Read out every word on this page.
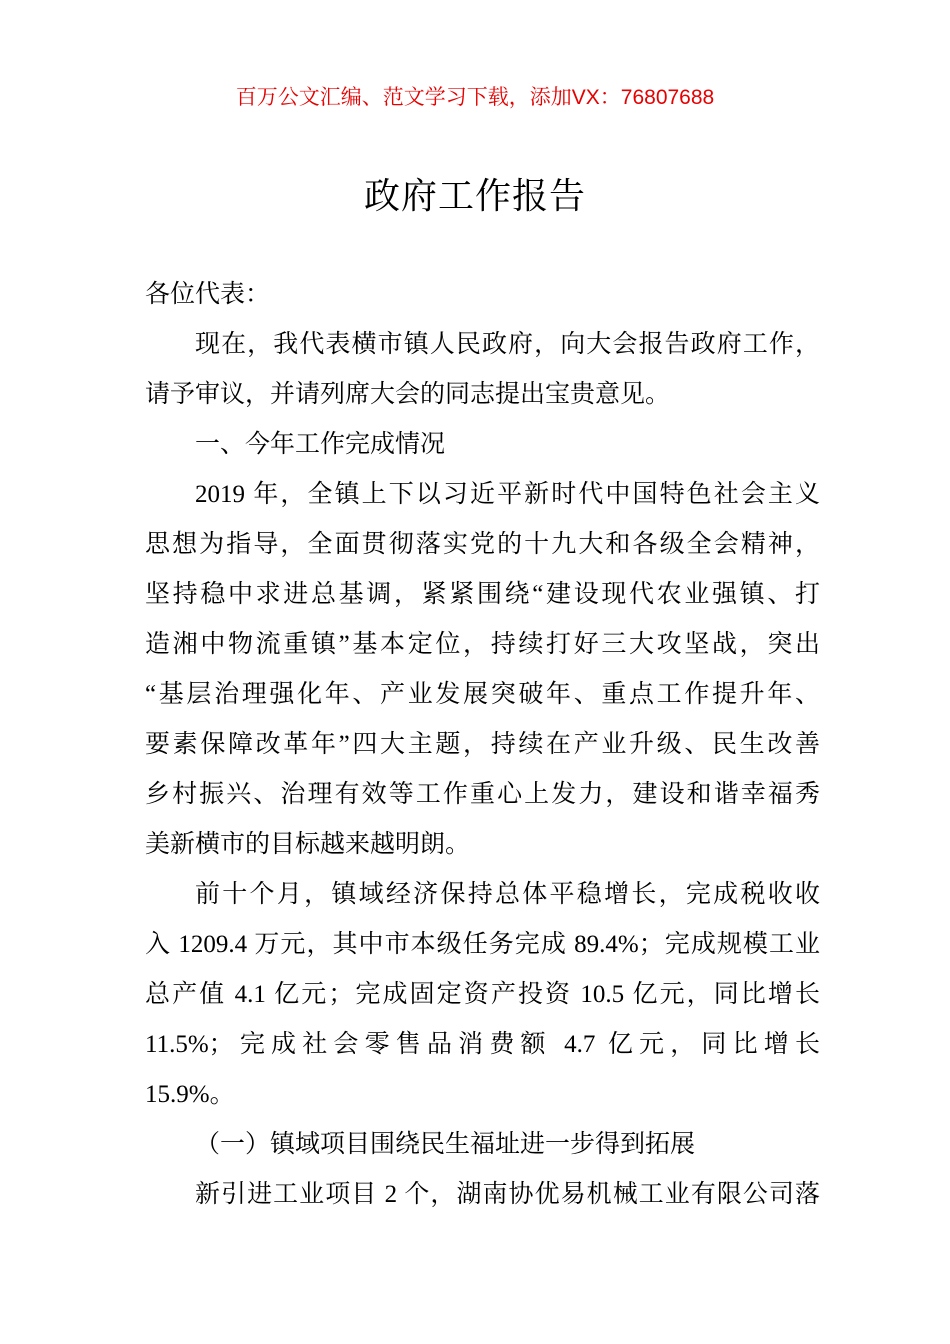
百万公文汇编、范文学习下载，添加VX：76807688
政府工作报告
各位代表：
现在，我代表横市镇人民政府，向大会报告政府工作，
请予审议，并请列席大会的同志提出宝贵意见。
一、今年工作完成情况
2019 年，全镇上下以习近平新时代中国特色社会主义
思想为指导，全面贯彻落实党的十九大和各级全会精神，
坚持稳中求进总基调，紧紧围绕“建设现代农业强镇、打
造湘中物流重镇”基本定位，持续打好三大攻坚战，突出
“基层治理强化年、产业发展突破年、重点工作提升年、
要素保障改革年”四大主题，持续在产业升级、民生改善
乡村振兴、治理有效等工作重心上发力，建设和谐幸福秀
美新横市的目标越来越明朗。
前十个月，镇域经济保持总体平稳增长，完成税收收
入 1209.4 万元，其中市本级任务完成 89.4%；完成规模工业
总产值 4.1 亿元；完成固定资产投资 10.5 亿元，同比增长
11.5%；完成社会零售品消费额 4.7 亿元，同比增长
15.9%。
（一）镇域项目围绕民生福址进一步得到拓展
新引进工业项目 2 个，湖南协优易机械工业有限公司落
